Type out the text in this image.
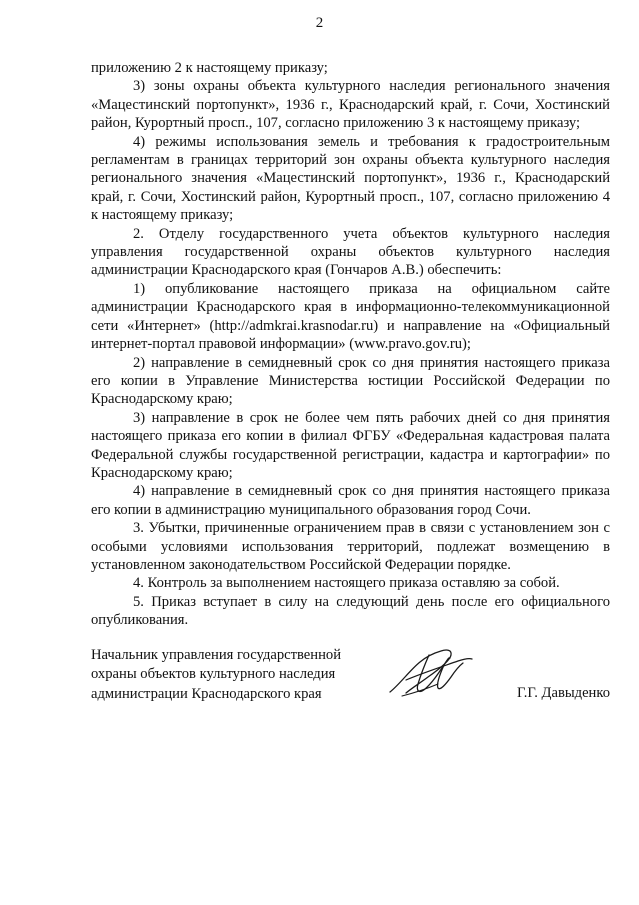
2

приложению 2 к настоящему приказу;

3) зоны охраны объекта культурного наследия регионального значения «Мацестинский портопункт», 1936 г., Краснодарский край, г. Сочи, Хостинский район, Курортный просп., 107, согласно приложению 3 к настоящему приказу;

4) режимы использования земель и требования к градостроительным регламентам в границах территорий зон охраны объекта культурного наследия регионального значения «Мацестинский портопункт», 1936 г., Краснодарский край, г. Сочи, Хостинский район, Курортный просп., 107, согласно приложению 4 к настоящему приказу;

2. Отделу государственного учета объектов культурного наследия управления государственной охраны объектов культурного наследия администрации Краснодарского края (Гончаров А.В.) обеспечить:

1) опубликование настоящего приказа на официальном сайте администрации Краснодарского края в информационно-телекоммуникационной сети «Интернет» (http://admkrai.krasnodar.ru) и направление на «Официальный интернет-портал правовой информации» (www.pravo.gov.ru);

2) направление в семидневный срок со дня принятия настоящего приказа его копии в Управление Министерства юстиции Российской Федерации по Краснодарскому краю;

3) направление в срок не более чем пять рабочих дней со дня принятия настоящего приказа его копии в филиал ФГБУ «Федеральная кадастровая палата Федеральной службы государственной регистрации, кадастра и картографии» по Краснодарскому краю;

4) направление в семидневный срок со дня принятия настоящего приказа его копии в администрацию муниципального образования город Сочи.

3. Убытки, причиненные ограничением прав в связи с установлением зон с особыми условиями использования территорий, подлежат возмещению в установленном законодательством Российской Федерации порядке.

4. Контроль за выполнением настоящего приказа оставляю за собой.

5. Приказ вступает в силу на следующий день после его официального опубликования.

Начальник управления государственной
охраны объектов культурного наследия
администрации Краснодарского края	Г.Г. Давыденко
